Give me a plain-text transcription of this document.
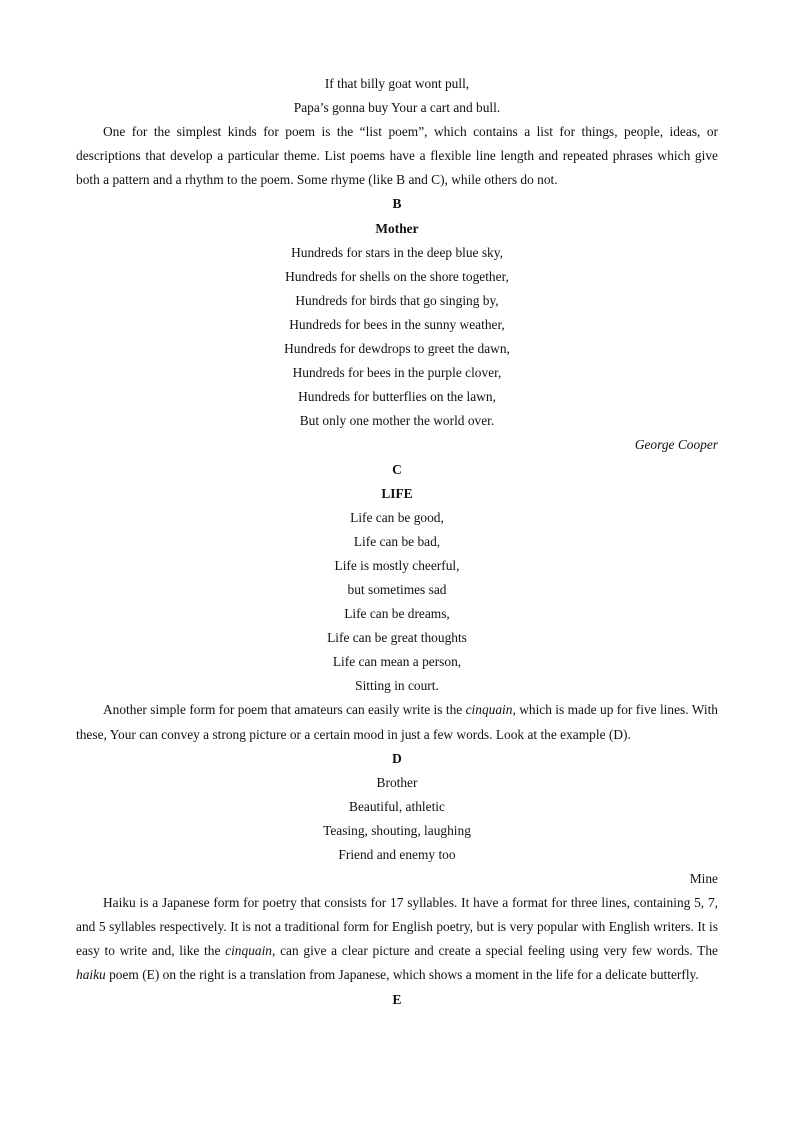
If that billy goat wont pull,
Papa’s gonna buy Your a cart and bull.

One for the simplest kinds for poem is the “list poem”, which contains a list for things, people, ideas, or descriptions that develop a particular theme. List poems have a flexible line length and repeated phrases which give both a pattern and a rhythm to the poem. Some rhyme (like B and C), while others do not.

B
Mother
Hundreds for stars in the deep blue sky,
Hundreds for shells on the shore together,
Hundreds for birds that go singing by,
Hundreds for bees in the sunny weather,
Hundreds for dewdrops to greet the dawn,
Hundreds for bees in the purple clover,
Hundreds for butterflies on the lawn,
But only one mother the world over.
George Cooper
C
LIFE
Life can be good,
Life can be bad,
Life is mostly cheerful,
but sometimes sad
Life can be dreams,
Life can be great thoughts
Life can mean a person,
Sitting in court.

Another simple form for poem that amateurs can easily write is the cinquain, which is made up for five lines. With these, Your can convey a strong picture or a certain mood in just a few words. Look at the example (D).

D
Brother
Beautiful, athletic
Teasing, shouting, laughing
Friend and enemy too
Mine

Haiku is a Japanese form for poetry that consists for 17 syllables. It have a format for three lines, containing 5, 7, and 5 syllables respectively. It is not a traditional form for English poetry, but is very popular with English writers. It is easy to write and, like the cinquain, can give a clear picture and create a special feeling using very few words. The haiku poem (E) on the right is a translation from Japanese, which shows a moment in the life for a delicate butterfly.

E
